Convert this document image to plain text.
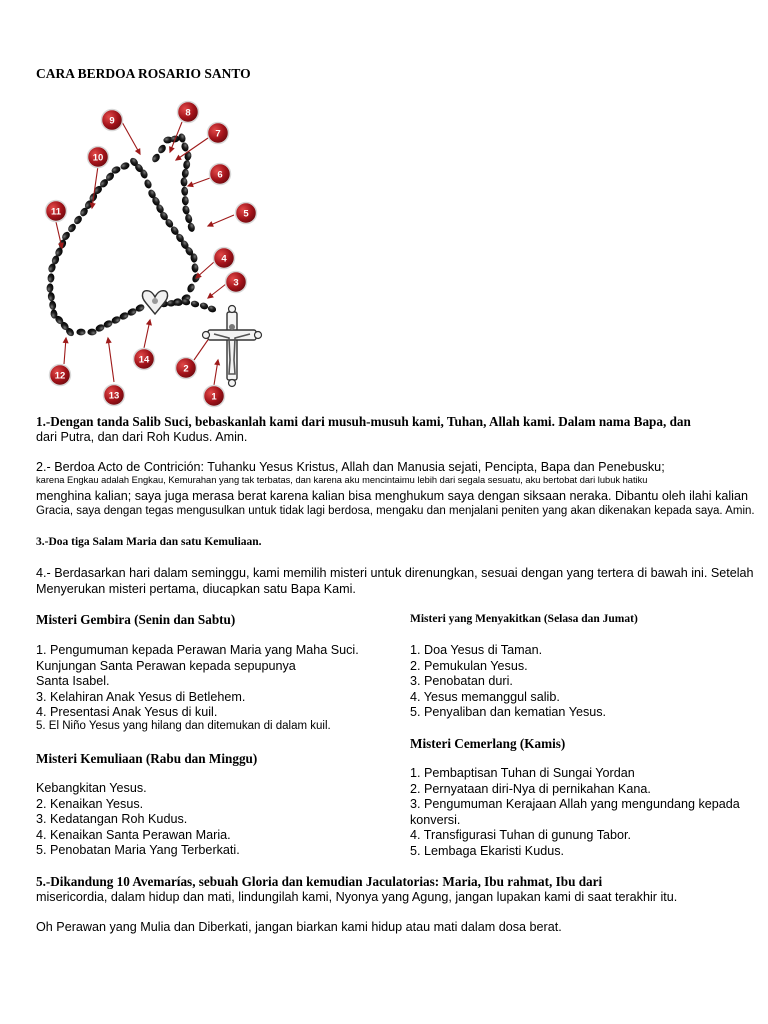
CARA BERDOA ROSARIO SANTO
1
2
3
4
5
6
7
8
9
10
11
12
13
14
1.-Dengan tanda Salib Suci, bebaskanlah kami dari musuh-musuh kami, Tuhan, Allah kami. Dalam nama Bapa, dan
dari Putra, dan dari Roh Kudus. Amin.
2.- Berdoa Acto de Contrición: Tuhanku Yesus Kristus, Allah dan Manusia sejati, Pencipta, Bapa dan Penebusku;
karena Engkau adalah Engkau, Kemurahan yang tak terbatas, dan karena aku mencintaimu lebih dari segala sesuatu, aku bertobat dari lubuk hatiku
menghina kalian; saya juga merasa berat karena kalian bisa menghukum saya dengan siksaan neraka. Dibantu oleh ilahi kalian
Gracia, saya dengan tegas mengusulkan untuk tidak lagi berdosa, mengaku dan menjalani peniten yang akan dikenakan kepada saya. Amin.
3.-Doa tiga Salam Maria dan satu Kemuliaan.
4.- Berdasarkan hari dalam seminggu, kami memilih misteri untuk direnungkan, sesuai dengan yang tertera di bawah ini. Setelah
Menyerukan misteri pertama, diucapkan satu Bapa Kami.
Misteri Gembira (Senin dan Sabtu)
1. Pengumuman kepada Perawan Maria yang Maha Suci.
Kunjungan Santa Perawan kepada sepupunya
Santa Isabel.
3. Kelahiran Anak Yesus di Betlehem.
4. Presentasi Anak Yesus di kuil.
5. El Niño Yesus yang hilang dan ditemukan di dalam kuil.
Misteri Kemuliaan (Rabu dan Minggu)
Kebangkitan Yesus.
2. Kenaikan Yesus.
3. Kedatangan Roh Kudus.
4. Kenaikan Santa Perawan Maria.
5. Penobatan Maria Yang Terberkati.
Misteri yang Menyakitkan (Selasa dan Jumat)
1. Doa Yesus di Taman.
2. Pemukulan Yesus.
3. Penobatan duri.
4. Yesus memanggul salib.
5. Penyaliban dan kematian Yesus.
Misteri Cemerlang (Kamis)
1. Pembaptisan Tuhan di Sungai Yordan
2. Pernyataan diri-Nya di pernikahan Kana.
3. Pengumuman Kerajaan Allah yang mengundang kepada
konversi.
4. Transfigurasi Tuhan di gunung Tabor.
5. Lembaga Ekaristi Kudus.
5.-Dikandung 10 Avemarías, sebuah Gloria dan kemudian Jaculatorias: Maria, Ibu rahmat, Ibu dari
misericordia, dalam hidup dan mati, lindungilah kami, Nyonya yang Agung, jangan lupakan kami di saat terakhir itu.
Oh Perawan yang Mulia dan Diberkati, jangan biarkan kami hidup atau mati dalam dosa berat.
